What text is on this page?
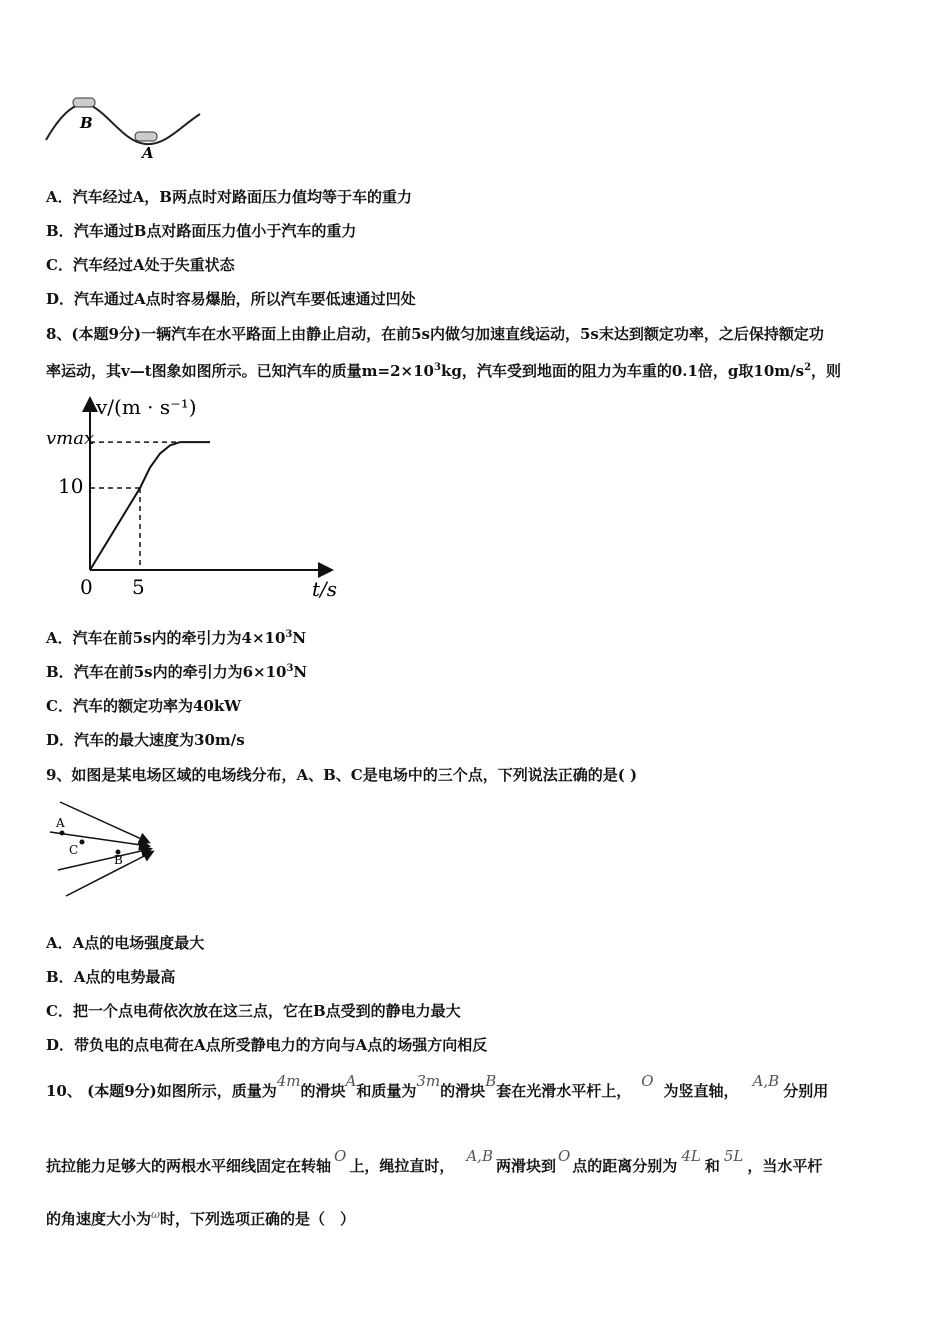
B
A
A．汽车经过A，B两点时对路面压力值均等于车的重力
B．汽车通过B点对路面压力值小于汽车的重力
C．汽车经过A处于失重状态
D．汽车通过A点时容易爆胎，所以汽车要低速通过凹处
8、(本题9分)一辆汽车在水平路面上由静止启动，在前5s内做匀加速直线运动，5s末达到额定功率，之后保持额定功
率运动，其v—t图象如图所示。已知汽车的质量$m=2\times 10^3kg$，汽车受到地面的阻力为车重的0.1倍，g取$10m/s^2$，则
v/(m · s⁻¹)
t/s
0 5
10
vmax
A．汽车在前5s内的牵引力为$4\times 10^3N$
B．汽车在前5s内的牵引力为$6\times 10^3N$
C．汽车的额定功率为40kW
D．汽车的最大速度为30m/s
9、如图是某电场区域的电场线分布，A、B、C是电场中的三个点，下列说法正确的是( )
A
C
B
A．A点的电场强度最大
B．A点的电势最高
C．把一个点电荷依次放在这三点，它在B点受到的静电力最大
D．带负电的点电荷在A点所受静电力的方向与A点的场强方向相反
10、 (本题9分)如图所示，质量为4m的滑块A和质量为3m的滑块B套在光滑水平杆上，O为竖直轴，A,B分别用
抗拉能力足够大的两根水平细线固定在转轴O上，绳拉直时，A,B两滑块到O点的距离分别为4L和5L，当水平杆
的角速度大小为$^\omega$时，下列选项正确的是（　）
